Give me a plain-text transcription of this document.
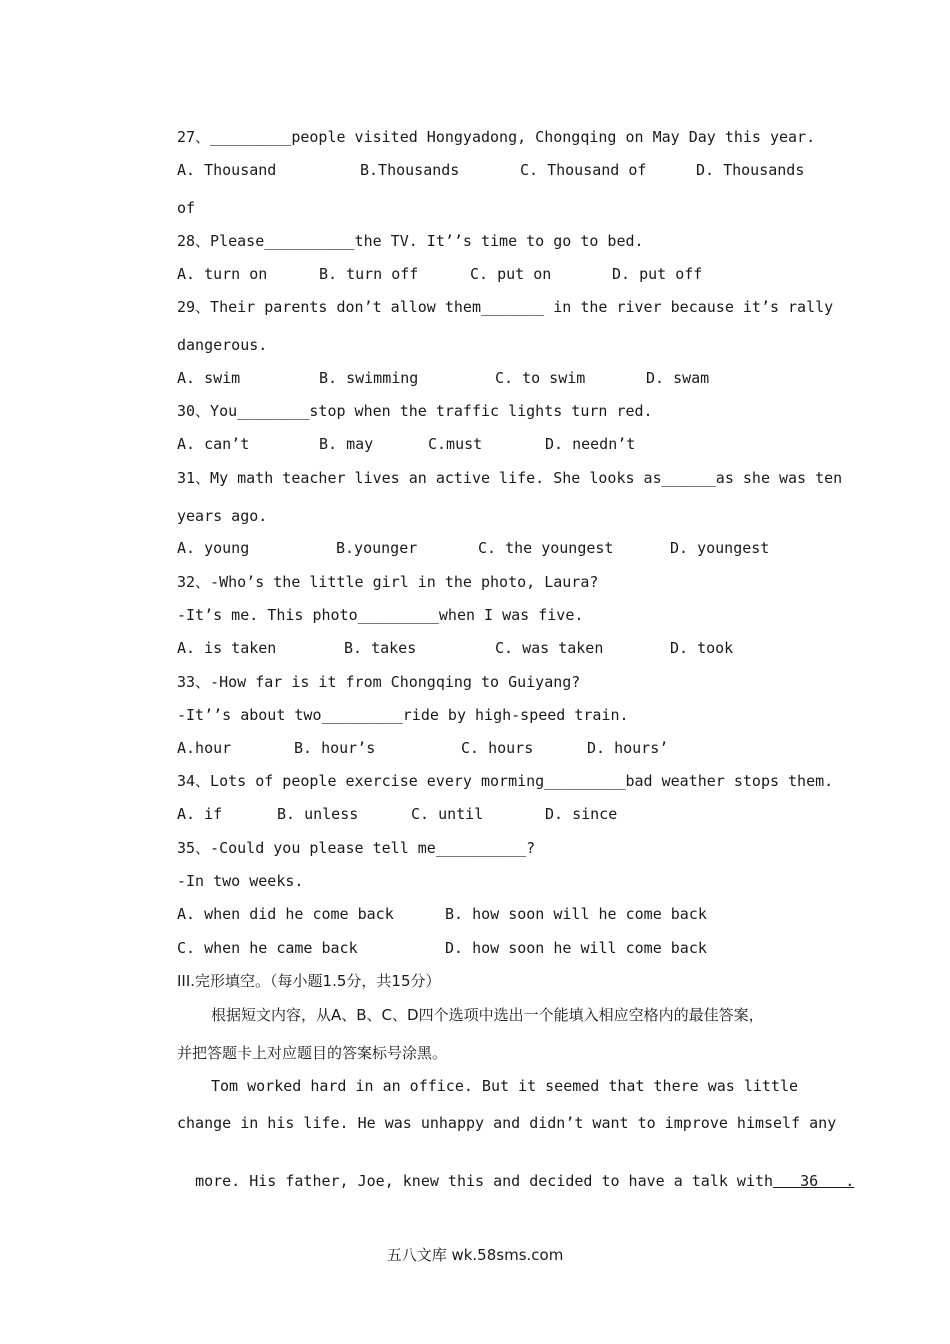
27、_________people visited Hongyadong, Chongqing on May Day this year.
A. Thousand	B.Thousands	C. Thousand of	D. Thousands
of
28、Please__________the TV. It’’s time to go to bed.
A. turn on	B. turn off	C. put on	D. put off
29、Their parents don’t allow them_______ in the river because it’s rally
dangerous.
A. swim	B. swimming	C. to swim	D. swam
30、You________stop when the traffic lights turn red.
A. can’t	B. may	C.must	D. needn’t
31、My math teacher lives an active life. She looks as______as she was ten
years ago.
A. young	B.younger	C. the youngest	D. youngest
32、-Who’s the little girl in the photo, Laura?
-It’s me. This photo_________when I was five.
A. is taken	B. takes	C. was taken	D. took
33、-How far is it from Chongqing to Guiyang?
-It’’s about two_________ride by high-speed train.
A.hour	B. hour’s	C. hours	D. hours’
34、Lots of people exercise every morming_________bad weather stops them.
A. if	B. unless	C. until	D. since
35、-Could you please tell me__________?
-In two weeks.
A. when did he come back	B. how soon will he come back
C. when he came back	D. how soon he will come back
III.完形填空。（每小题1.5分，共15分）
根据短文内容，从A、B、C、D四个选项中选出一个能填入相应空格内的最佳答案，
并把答题卡上对应题目的答案标号涂黑。
Tom worked hard in an office. But it seemed that there was little
change in his life. He was unhappy and didn’t want to improve himself any

more. His father, Joe, knew this and decided to have a talk with   36   .

五八文库 wk.58sms.com
